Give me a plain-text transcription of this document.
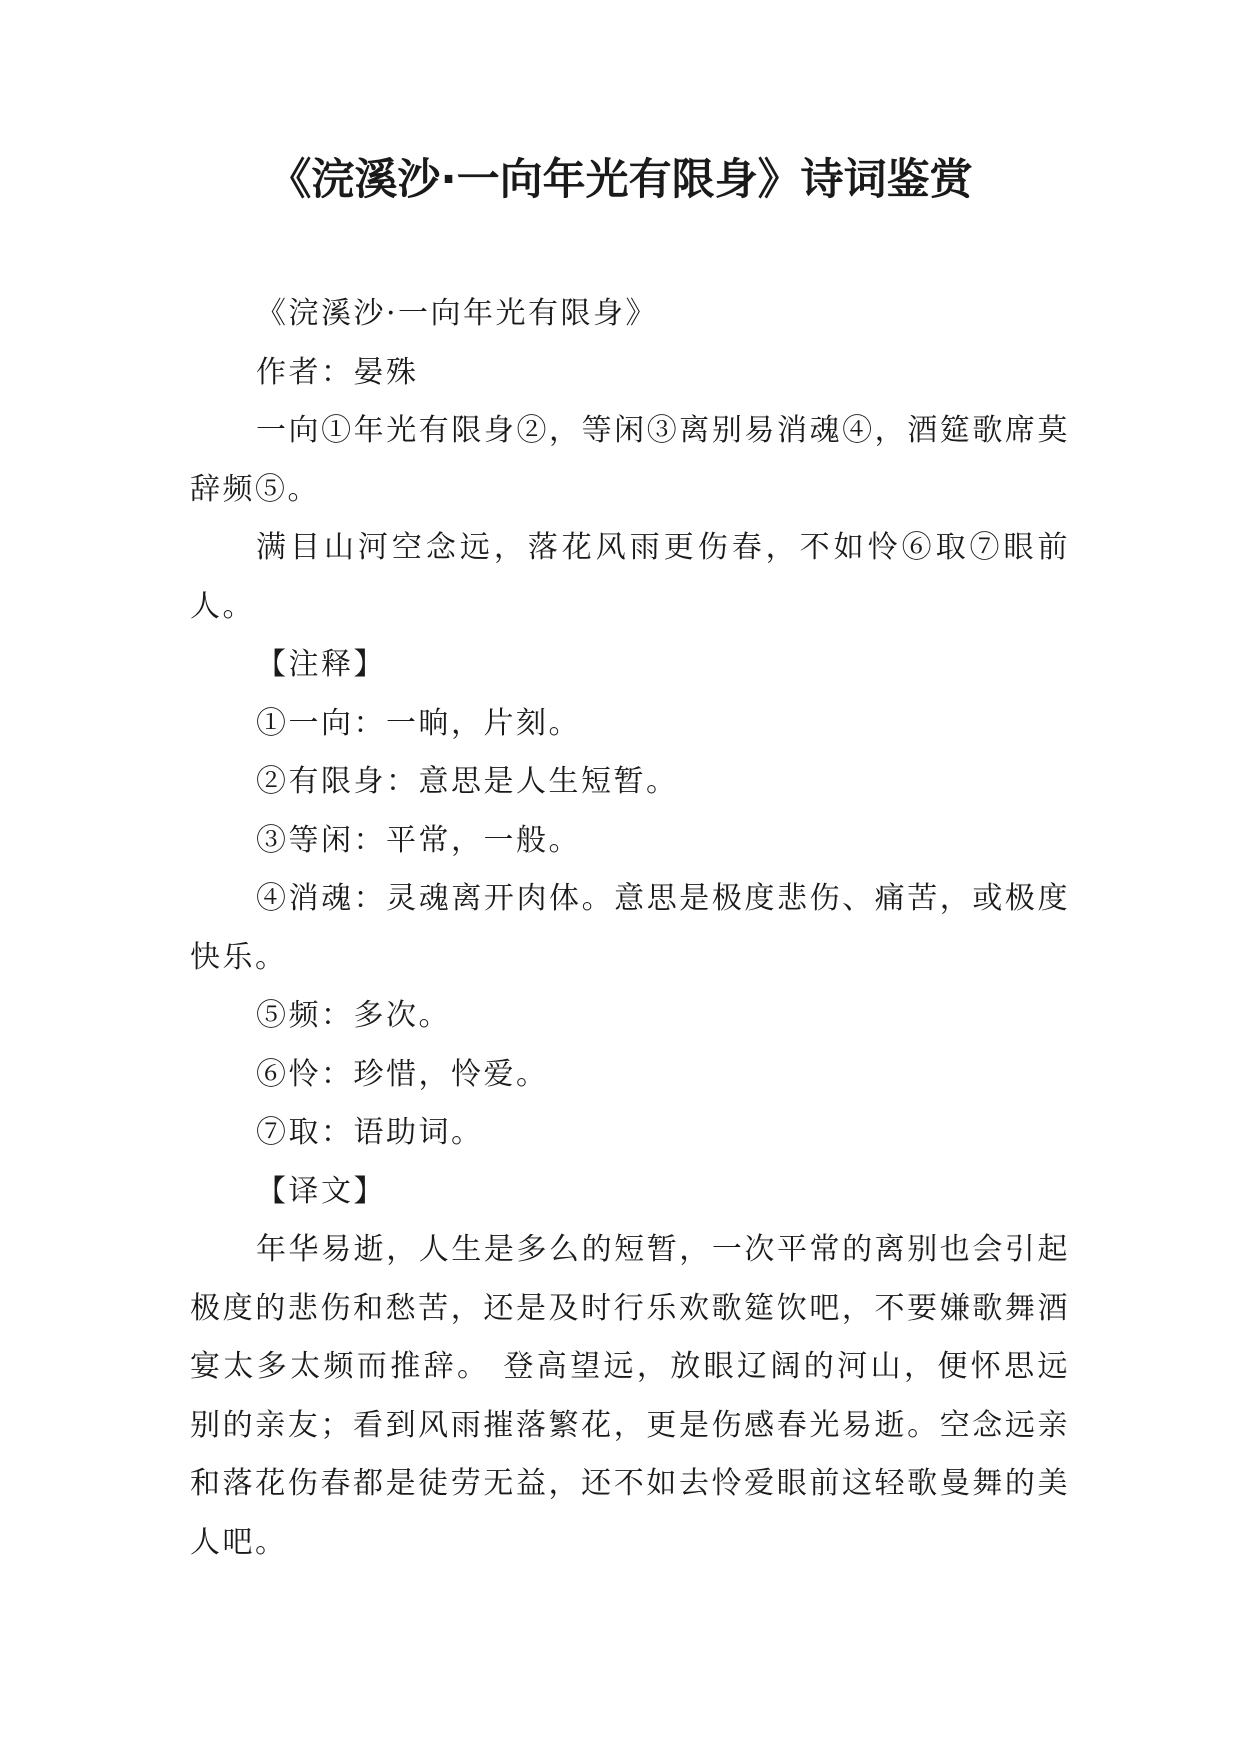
《浣溪沙·一向年光有限身》诗词鉴赏

《浣溪沙·一向年光有限身》

作者：晏殊

一向①年光有限身②，等闲③离别易消魂④，酒筵歌席莫辞频⑤。

满目山河空念远，落花风雨更伤春，不如怜⑥取⑦眼前人。

【注释】

①一向：一晌，片刻。

②有限身：意思是人生短暂。

③等闲：平常，一般。

④消魂：灵魂离开肉体。意思是极度悲伤、痛苦，或极度快乐。

⑤频：多次。

⑥怜：珍惜，怜爱。

⑦取：语助词。

【译文】

年华易逝，人生是多么的短暂，一次平常的离别也会引起极度的悲伤和愁苦，还是及时行乐欢歌筵饮吧，不要嫌歌舞酒宴太多太频而推辞。 登高望远，放眼辽阔的河山，便怀思远别的亲友；看到风雨摧落繁花，更是伤感春光易逝。空念远亲和落花伤春都是徒劳无益，还不如去怜爱眼前这轻歌曼舞的美人吧。
